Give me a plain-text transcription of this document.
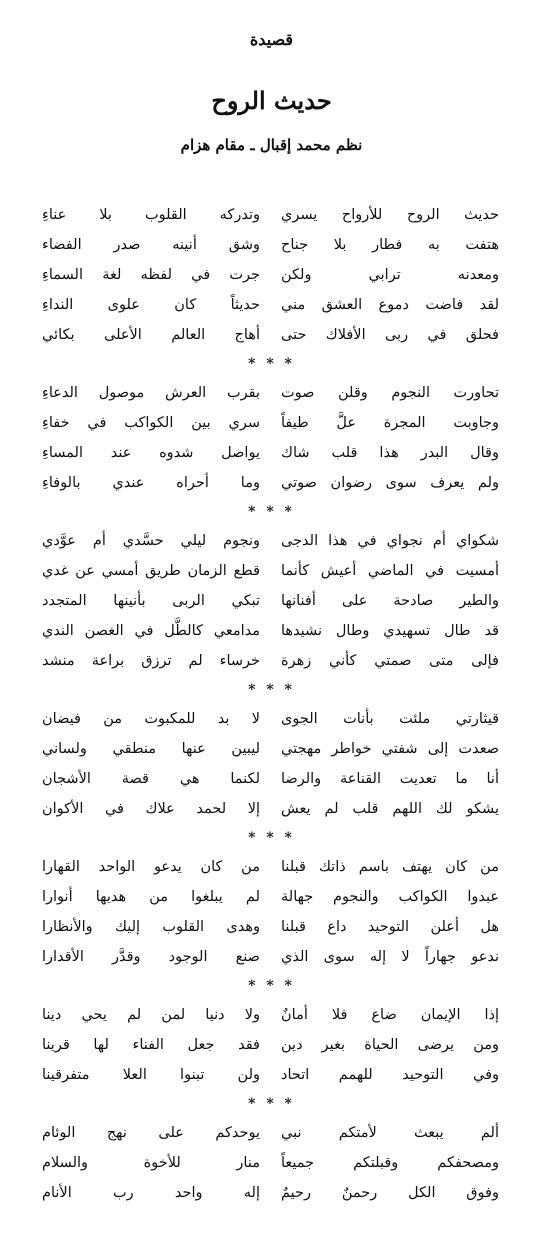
قصيدة
حديث الروح
نظم محمد إقبال ـ مقام هزام
حديث الروح للأرواح يسري
وتدركه القلوب بلا عناءِ
هتفت به فطار بلا جناح
وشق أنينه صدر الفضاء
ومعدنه ترابي ولكن
جرت في لفظه لغة السماءِ
لقد فاضت دموع العشق مني
حديثاً كان علوى النداءِ
فحلق في ربى الأفلاك حتى
أهاج العالم الأعلى بكائي
* * *
تحاورت النجوم وقلن صوت
بقرب العرش موصول الدعاءِ
وجاوبت المجرة علَّ طيفاً
سري بين الكواكب في خفاءِ
وقال البدر هذا قلب شاك
يواصل شدوه عند المساءِ
ولم يعرف سوى رضوان صوتي
وما أحراه عندي بالوفاءِ
* * *
شكواي أم نجواي في هذا الدجى
ونجوم ليلي حسَّدي أم عوَّدي
أمسيت في الماضي أعيش كأنما
قطع الزمان طريق أمسي عن غدي
والطير صادحة على أفنانها
تبكي الربى بأنينها المتجدد
قد طال تسهيدي وطال نشيدها
مدامعي كالطَّل في الغصن الندي
فإلى متى صمتي كأني زهرة
خرساء لم ترزق براعة منشد
* * *
قيثارتي ملئت بأنات الجوى
لا بد للمكبوت من فيضان
صعدت إلى شفتي خواطر مهجتي
ليبين عنها منطقي ولساني
أنا ما تعديت القناعة والرضا
لكنما هي قصة الأشجان
يشكو لك اللهم قلب لم يعش
إلا لحمد علاك في الأكوان
* * *
من كان يهتف باسم ذاتك قبلنا
من كان يدعو الواحد القهارا
عبدوا الكواكب والنجوم جهالة
لم يبلغوا من هديها أنوارا
هل أعلن التوحيد داع قبلنا
وهدى القلوب إليك والأنظارا
ندعو جهاراً لا إله سوى الذي
صنع الوجود وقدَّر الأقدارا
* * *
إذا الإيمان ضاع فلا أمانٌ
ولا دنيا لمن لم يحي دينا
ومن يرضى الحياة بغير دين
فقد جعل الفناء لها قرينا
وفي التوحيد للهمم اتحاد
ولن تبنوا العلا متفرقينا
* * *
ألم يبعث لأمتكم نبي
يوحدكم على نهج الوئام
ومصحفكم وقبلتكم جميعاً
منار للأخوة والسلام
وفوق الكل رحمنٌ رحيمٌ
إله واحد رب الأنام
